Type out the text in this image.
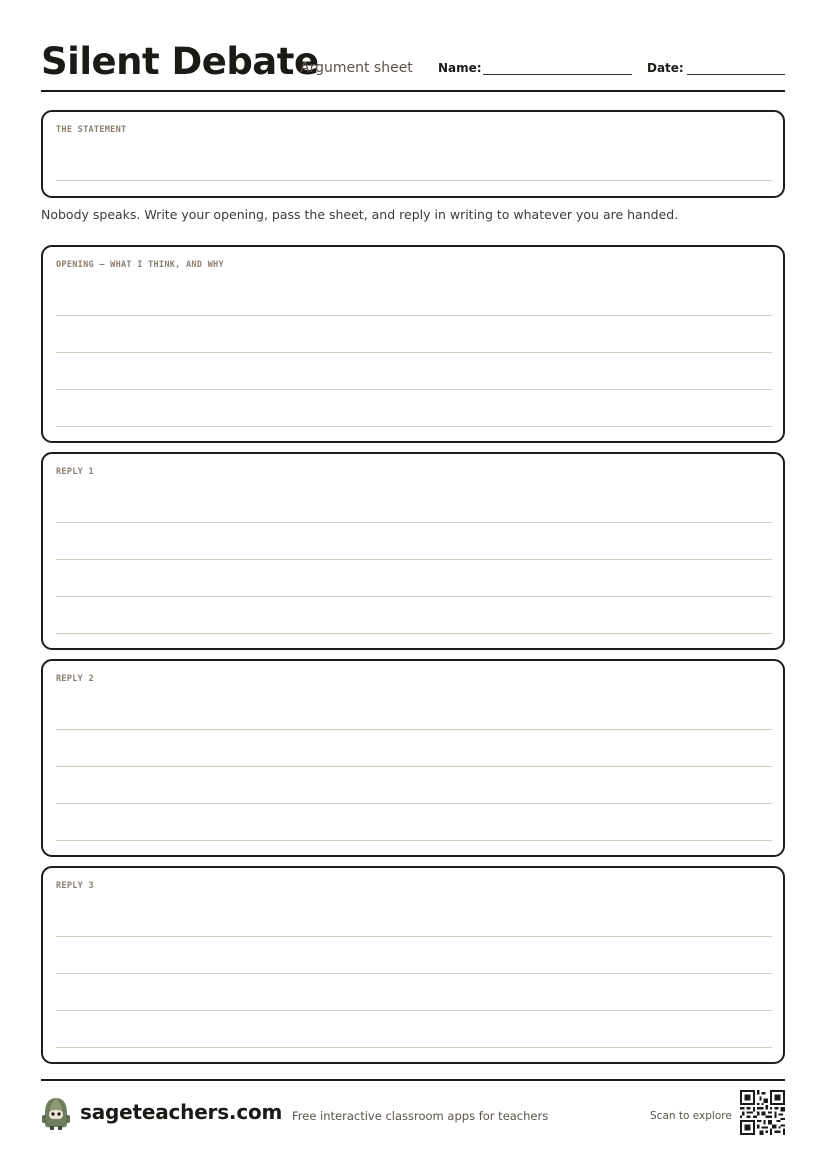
Silent Debate
Argument sheet Name:	Date:
THE STATEMENT
Nobody speaks. Write your opening, pass the sheet, and reply in writing to whatever you are handed.
OPENING — WHAT I THINK, AND WHY
REPLY 1
REPLY 2
REPLY 3
sageteachers.com Free interactive classroom apps for teachers	Scan to explore
